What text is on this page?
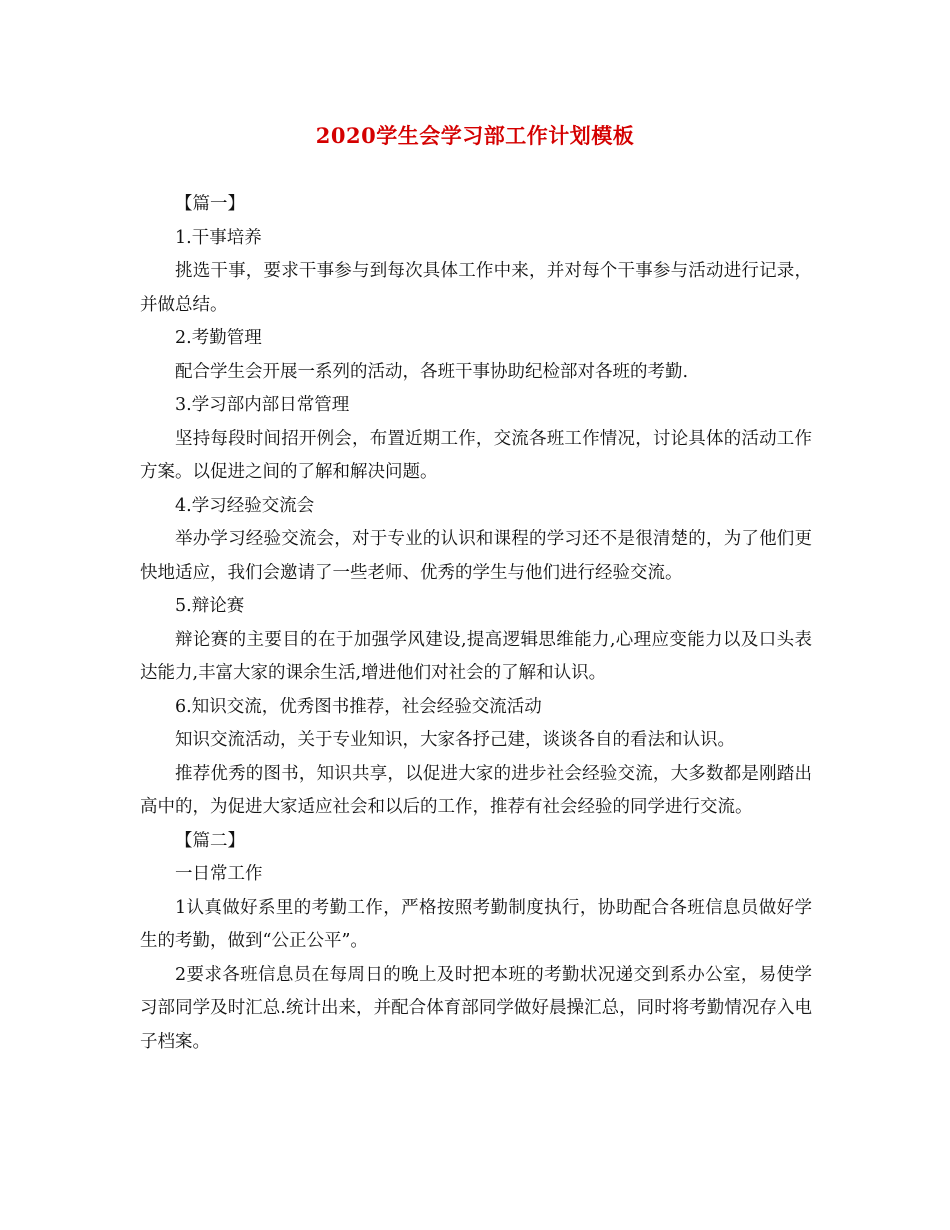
2020学生会学习部工作计划模板

【篇一】

1.干事培养

挑选干事，要求干事参与到每次具体工作中来，并对每个干事参与活动进行记录，并做总结。

2.考勤管理

配合学生会开展一系列的活动，各班干事协助纪检部对各班的考勤.

3.学习部内部日常管理

坚持每段时间招开例会，布置近期工作，交流各班工作情况，讨论具体的活动工作方案。以促进之间的了解和解决问题。

4.学习经验交流会

举办学习经验交流会，对于专业的认识和课程的学习还不是很清楚的，为了他们更快地适应，我们会邀请了一些老师、优秀的学生与他们进行经验交流。

5.辩论赛

辩论赛的主要目的在于加强学风建设,提高逻辑思维能力,心理应变能力以及口头表达能力,丰富大家的课余生活,增进他们对社会的了解和认识。

6.知识交流，优秀图书推荐，社会经验交流活动

知识交流活动，关于专业知识，大家各抒己建，谈谈各自的看法和认识。

推荐优秀的图书，知识共享，以促进大家的进步社会经验交流，大多数都是刚踏出高中的，为促进大家适应社会和以后的工作，推荐有社会经验的同学进行交流。

【篇二】

一日常工作

1认真做好系里的考勤工作，严格按照考勤制度执行，协助配合各班信息员做好学生的考勤，做到“公正公平”。

2要求各班信息员在每周日的晚上及时把本班的考勤状况递交到系办公室，易使学习部同学及时汇总.统计出来，并配合体育部同学做好晨操汇总，同时将考勤情况存入电子档案。
